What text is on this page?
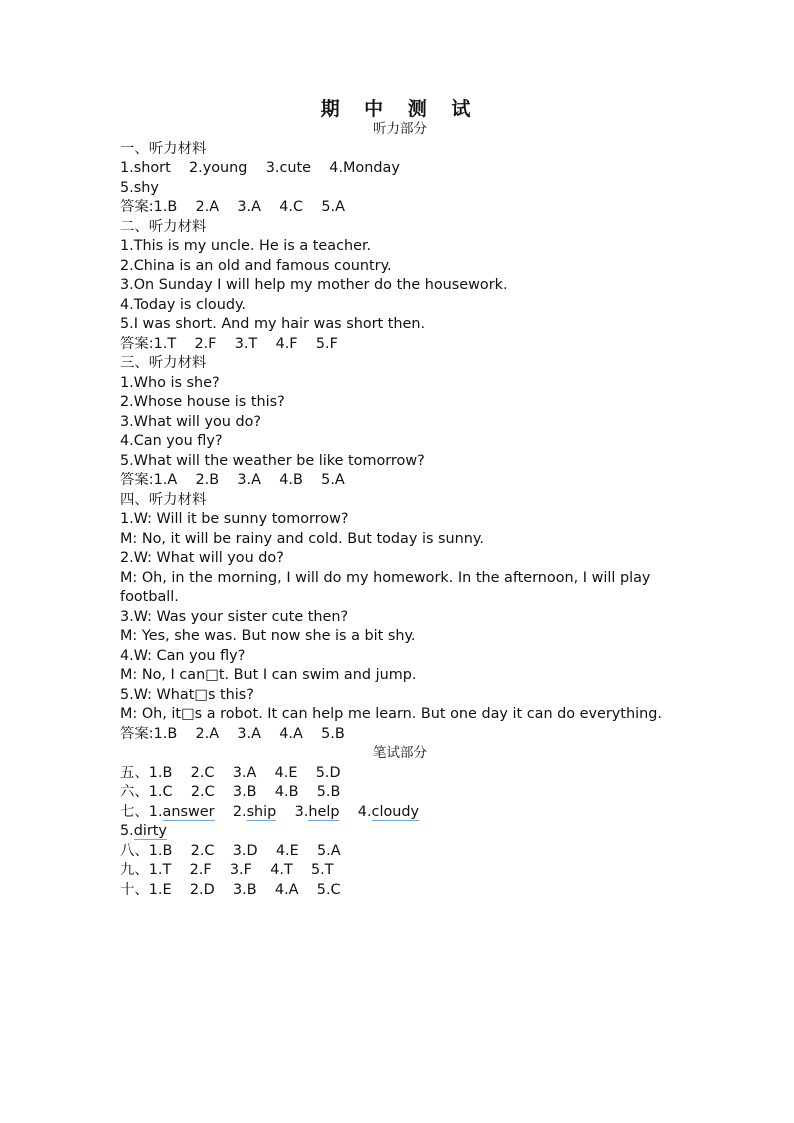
期 中 测 试
听力部分
一、听力材料
1.short    2.young    3.cute    4.Monday
5.shy
答案:1.B    2.A    3.A    4.C    5.A
二、听力材料
1.This is my uncle. He is a teacher.
2.China is an old and famous country.
3.On Sunday I will help my mother do the housework.
4.Today is cloudy.
5.I was short. And my hair was short then.
答案:1.T    2.F    3.T    4.F    5.F
三、听力材料
1.Who is she?
2.Whose house is this?
3.What will you do?
4.Can you fly?
5.What will the weather be like tomorrow?
答案:1.A    2.B    3.A    4.B    5.A
四、听力材料
1.W: Will it be sunny tomorrow?
M: No, it will be rainy and cold. But today is sunny.
2.W: What will you do?
M: Oh, in the morning, I will do my homework. In the afternoon, I will play football.
3.W: Was your sister cute then?
M: Yes, she was. But now she is a bit shy.
4.W: Can you fly?
M: No, I can□t. But I can swim and jump.
5.W: What□s this?
M: Oh, it□s a robot. It can help me learn. But one day it can do everything.
答案:1.B    2.A    3.A    4.A    5.B
笔试部分
五、1.B    2.C    3.A    4.E    5.D
六、1.C    2.C    3.B    4.B    5.B
七、1.answer 2.ship 3.help 4.cloudy
5.dirty
八、1.B    2.C    3.D    4.E    5.A
九、1.T    2.F    3.F    4.T    5.T
十、1.E    2.D    3.B    4.A    5.C
